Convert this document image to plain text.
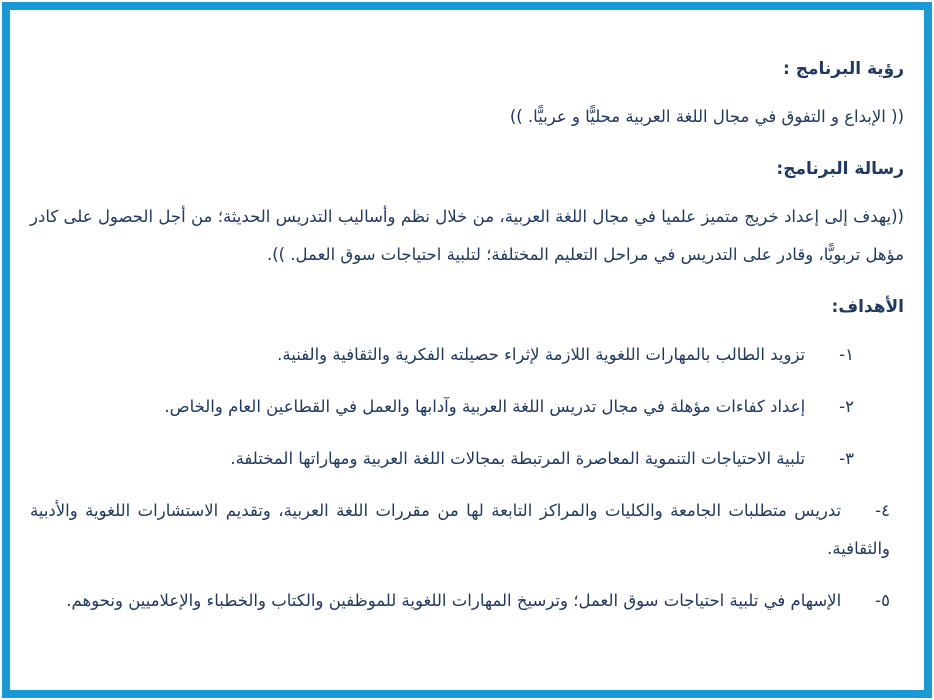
رؤية البرنامج :

(( الإبداع و التفوق في مجال اللغة العربية محليًّا و عربيًّا. ))

رسالة البرنامج:

((يهدف إلى إعداد خريج متميز علميا في مجال اللغة العربية، من خلال نظم وأساليب التدريس الحديثة؛ من أجل الحصول على كادر مؤهل تربويًّا، وقادر على التدريس في مراحل التعليم المختلفة؛ لتلبية احتياجات سوق العمل. )).

الأهداف:

١-تزويد الطالب بالمهارات اللغوية اللازمة لإثراء حصيلته الفكرية والثقافية والفنية.

٢-إعداد كفاءات مؤهلة في مجال تدريس اللغة العربية وآدابها والعمل في القطاعين العام والخاص.

٣-تلبية الاحتياجات التنموية المعاصرة المرتبطة بمجالات اللغة العربية ومهاراتها المختلفة.

٤-تدريس متطلبات الجامعة والكليات والمراكز التابعة لها من مقررات اللغة العربية، وتقديم الاستشارات اللغوية والأدبية والثقافية.

٥-الإسهام في تلبية احتياجات سوق العمل؛ وترسيخ المهارات اللغوية للموظفين والكتاب والخطباء والإعلاميين ونحوهم.
